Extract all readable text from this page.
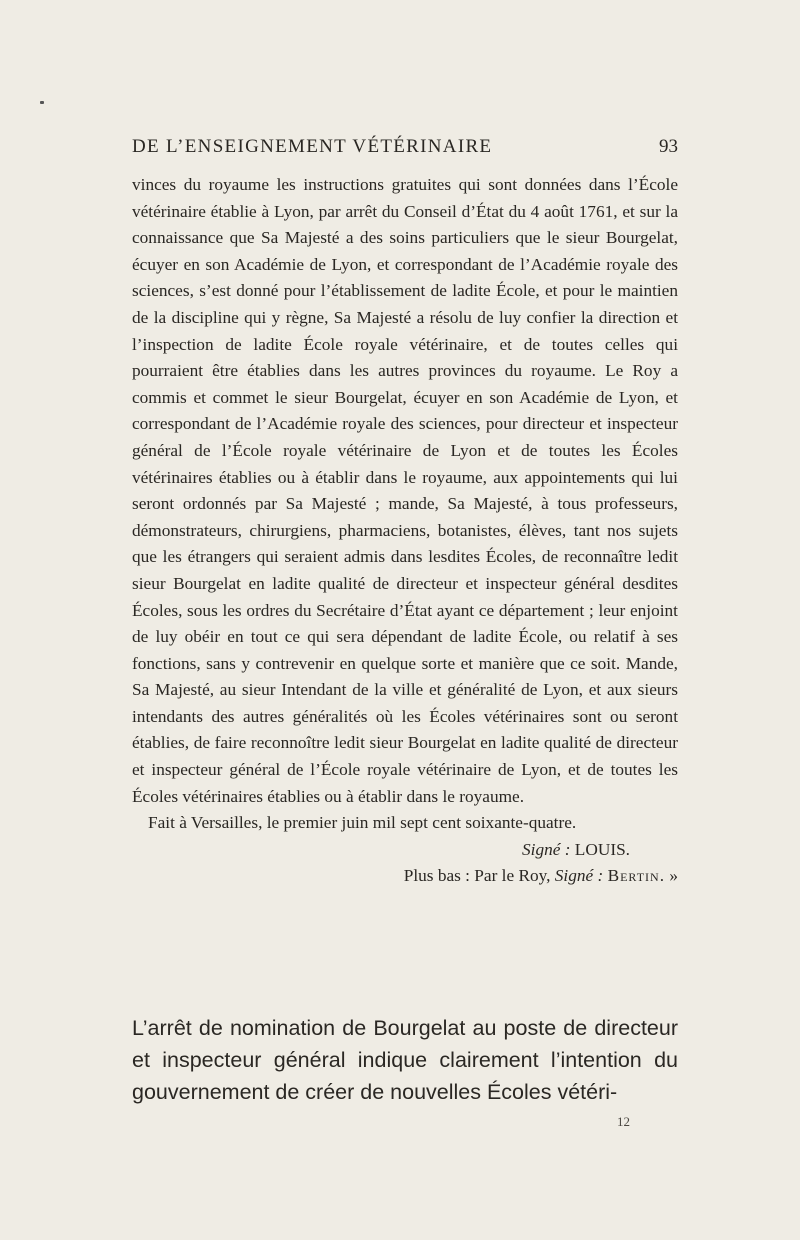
DE L’ENSEIGNEMENT VÉTÉRINAIRE	93

vinces du royaume les instructions gratuites qui sont données dans l’École vétérinaire établie à Lyon, par arrêt du Conseil d’État du 4 août 1761, et sur la connaissance que Sa Majesté a des soins particuliers que le sieur Bourgelat, écuyer en son Académie de Lyon, et correspondant de l’Académie royale des sciences, s’est donné pour l’établissement de ladite École, et pour le maintien de la discipline qui y règne, Sa Majesté a résolu de luy confier la direction et l’inspection de ladite École royale vétérinaire, et de toutes celles qui pourraient être établies dans les autres provinces du royaume. Le Roy a commis et commet le sieur Bourgelat, écuyer en son Académie de Lyon, et correspondant de l’Académie royale des sciences, pour directeur et inspecteur général de l’École royale vétérinaire de Lyon et de toutes les Écoles vétérinaires établies ou à établir dans le royaume, aux appointements qui lui seront ordonnés par Sa Majesté ; mande, Sa Majesté, à tous professeurs, démonstrateurs, chirurgiens, pharmaciens, botanistes, élèves, tant nos sujets que les étrangers qui seraient admis dans lesdites Écoles, de reconnaître ledit sieur Bourgelat en ladite qualité de directeur et inspecteur général desdites Écoles, sous les ordres du Secrétaire d’État ayant ce département ; leur enjoint de luy obéir en tout ce qui sera dépendant de ladite École, ou relatif à ses fonctions, sans y contrevenir en quelque sorte et manière que ce soit. Mande, Sa Majesté, au sieur Intendant de la ville et généralité de Lyon, et aux sieurs intendants des autres généralités où les Écoles vétérinaires sont ou seront établies, de faire reconnoître ledit sieur Bourgelat en ladite qualité de directeur et inspecteur général de l’École royale vétérinaire de Lyon, et de toutes les Écoles vétérinaires établies ou à établir dans le royaume.

Fait à Versailles, le premier juin mil sept cent soixante-quatre.

Signé : LOUIS.

Plus bas : Par le Roy, Signé : Bertin. »

L’arrêt de nomination de Bourgelat au poste de directeur et inspecteur général indique clairement l’intention du gouvernement de créer de nouvelles Écoles vétéri-

12
